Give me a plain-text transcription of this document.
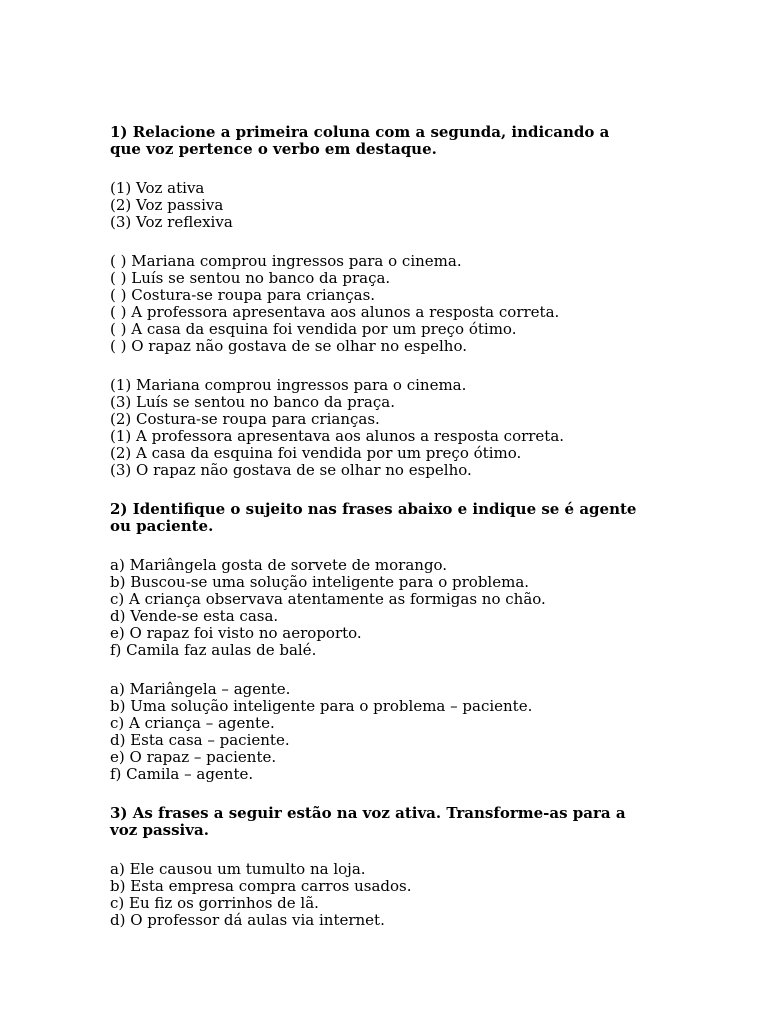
1) Relacione a primeira coluna com a segunda, indicando a
que voz pertence o verbo em destaque.
(1) Voz ativa
(2) Voz passiva
(3) Voz reflexiva
( ) Mariana comprou ingressos para o cinema.
( ) Luís se sentou no banco da praça.
( ) Costura-se roupa para crianças.
( ) A professora apresentava aos alunos a resposta correta.
( ) A casa da esquina foi vendida por um preço ótimo.
( ) O rapaz não gostava de se olhar no espelho.
(1) Mariana comprou ingressos para o cinema.
(3) Luís se sentou no banco da praça.
(2) Costura-se roupa para crianças.
(1) A professora apresentava aos alunos a resposta correta.
(2) A casa da esquina foi vendida por um preço ótimo.
(3) O rapaz não gostava de se olhar no espelho.
2) Identifique o sujeito nas frases abaixo e indique se é agente
ou paciente.
a) Mariângela gosta de sorvete de morango.
b) Buscou-se uma solução inteligente para o problema.
c) A criança observava atentamente as formigas no chão.
d) Vende-se esta casa.
e) O rapaz foi visto no aeroporto.
f) Camila faz aulas de balé.
a) Mariângela – agente.
b) Uma solução inteligente para o problema – paciente.
c) A criança – agente.
d) Esta casa – paciente.
e) O rapaz – paciente.
f) Camila – agente.
3) As frases a seguir estão na voz ativa. Transforme-as para a
voz passiva.
a) Ele causou um tumulto na loja.
b) Esta empresa compra carros usados.
c) Eu fiz os gorrinhos de lã.
d) O professor dá aulas via internet.
